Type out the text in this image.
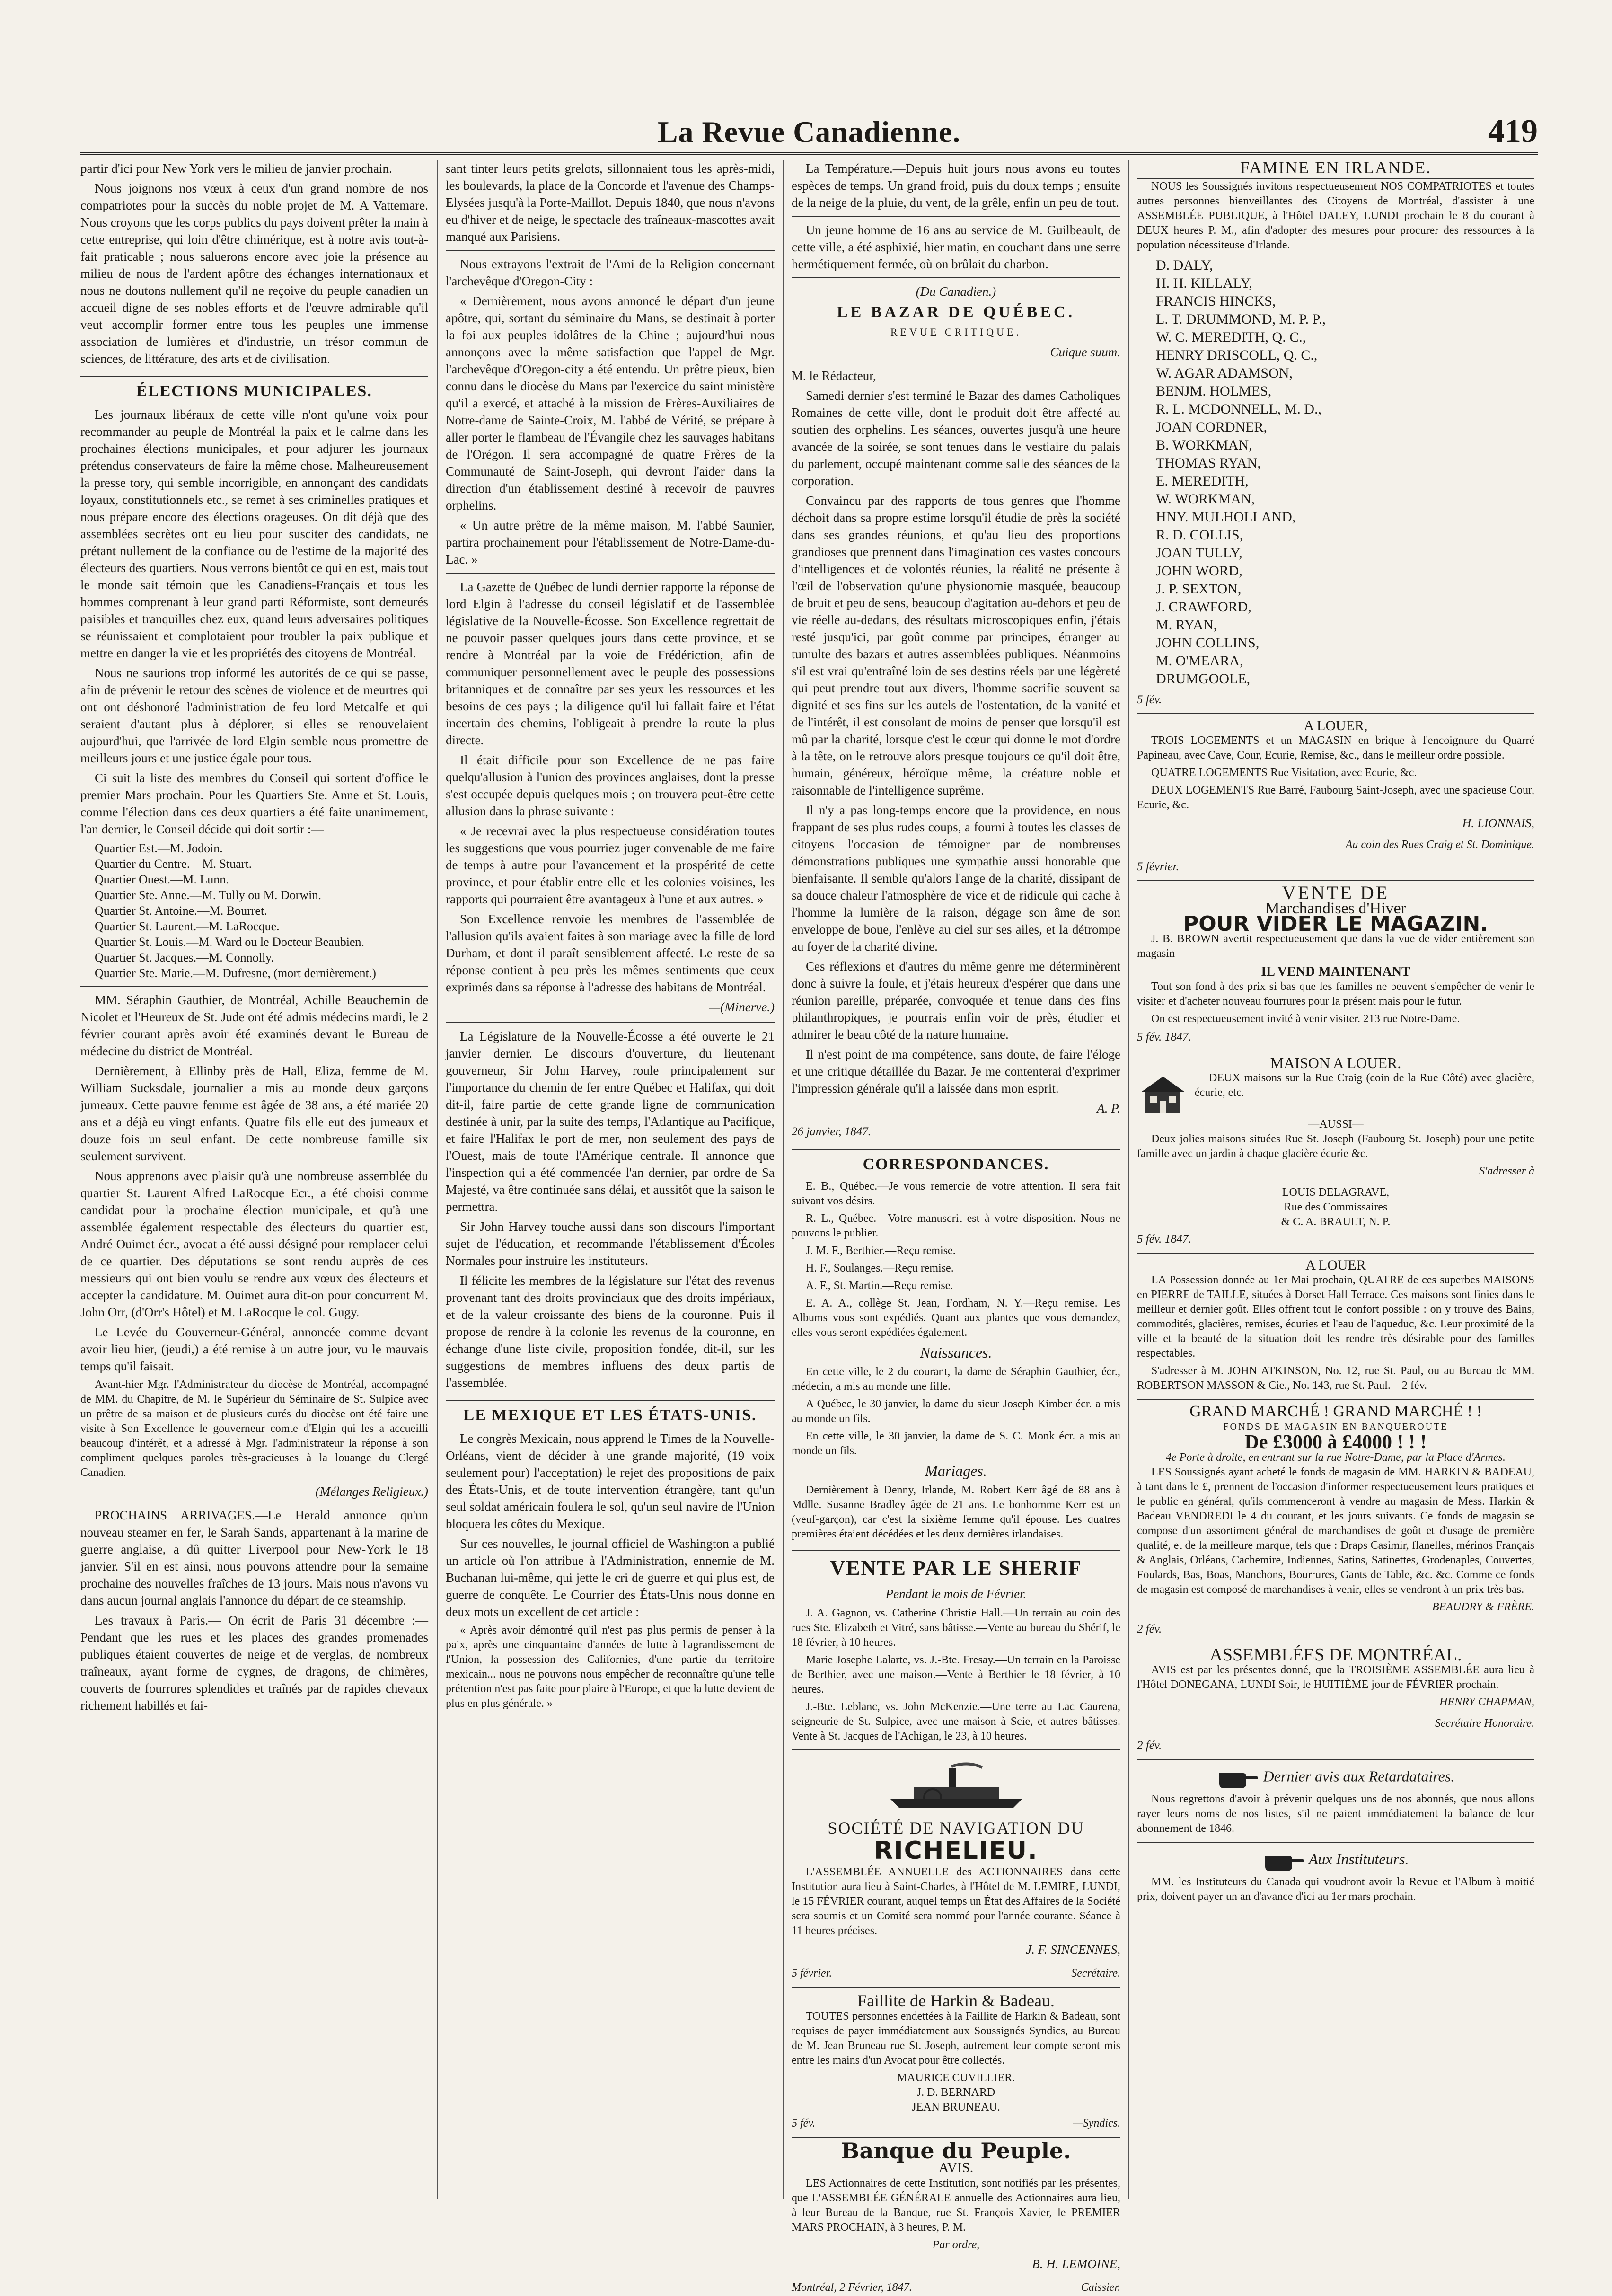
La Revue Canadienne.	419

partir d'ici pour New York vers le milieu de janvier prochain.

Nous joignons nos vœux à ceux d'un grand nombre de nos compatriotes pour la succès du noble projet de M. A Vattemare. Nous croyons que les corps publics du pays doivent prêter la main à cette entreprise, qui loin d'être chimérique, est à notre avis tout-à-fait praticable ; nous saluerons encore avec joie la présence au milieu de nous de l'ardent apôtre des échanges internationaux et nous ne doutons nullement qu'il ne reçoive du peuple canadien un accueil digne de ses nobles efforts et de l'œuvre admirable qu'il veut accomplir former entre tous les peuples une immense association de lumières et d'industrie, un trésor commun de sciences, de littérature, des arts et de civilisation.

ÉLECTIONS MUNICIPALES.

Les journaux libéraux de cette ville n'ont qu'une voix pour recommander au peuple de Montréal la paix et le calme dans les prochaines élections municipales, et pour adjurer les journaux prétendus conservateurs de faire la même chose. Malheureusement la presse tory, qui semble incorrigible, en annonçant des candidats loyaux, constitutionnels etc., se remet à ses criminelles pratiques et nous prépare encore des élections orageuses. On dit déjà que des assemblées secrètes ont eu lieu pour susciter des candidats, ne prétant nullement de la confiance ou de l'estime de la majorité des électeurs des quartiers. Nous verrons bientôt ce qui en est, mais tout le monde sait témoin que les Canadiens-Français et tous les hommes comprenant à leur grand parti Réformiste, sont demeurés paisibles et tranquilles chez eux, quand leurs adversaires politiques se réunissaient et complotaient pour troubler la paix publique et mettre en danger la vie et les propriétés des citoyens de Montréal.

Nous ne saurions trop informé les autorités de ce qui se passe, afin de prévenir le retour des scènes de violence et de meurtres qui ont ont déshonoré l'administration de feu lord Metcalfe et qui seraient d'autant plus à déplorer, si elles se renouvelaient aujourd'hui, que l'arrivée de lord Elgin semble nous promettre de meilleurs jours et une justice égale pour tous.

Ci suit la liste des membres du Conseil qui sortent d'office le premier Mars prochain. Pour les Quartiers Ste. Anne et St. Louis, comme l'élection dans ces deux quartiers a été faite unanimement, l'an dernier, le Conseil décide qui doit sortir :—

Quartier Est.—M. Jodoin.
Quartier du Centre.—M. Stuart.
Quartier Ouest.—M. Lunn.
Quartier Ste. Anne.—M. Tully ou M. Dorwin.
Quartier St. Antoine.—M. Bourret.
Quartier St. Laurent.—M. LaRocque.
Quartier St. Louis.—M. Ward ou le Docteur Beaubien.
Quartier St. Jacques.—M. Connolly.
Quartier Ste. Marie.—M. Dufresne, (mort dernièrement.)

MM. Séraphin Gauthier, de Montréal, Achille Beauchemin de Nicolet et l'Heureux de St. Jude ont été admis médecins mardi, le 2 février courant après avoir été examinés devant le Bureau de médecine du district de Montréal.

Dernièrement, à Ellinby près de Hall, Eliza, femme de M. William Sucksdale, journalier a mis au monde deux garçons jumeaux. Cette pauvre femme est âgée de 38 ans, a été mariée 20 ans et a déjà eu vingt enfants. Quatre fils elle eut des jumeaux et douze fois un seul enfant. De cette nombreuse famille six seulement survivent.

Nous apprenons avec plaisir qu'à une nombreuse assemblée du quartier St. Laurent Alfred LaRocque Ecr., a été choisi comme candidat pour la prochaine élection municipale, et qu'à une assemblée également respectable des électeurs du quartier est, André Ouimet écr., avocat a été aussi désigné pour remplacer celui de ce quartier. Des députations se sont rendu auprès de ces messieurs qui ont bien voulu se rendre aux vœux des électeurs et accepter la candidature. M. Ouimet aura dit-on pour concurrent M. John Orr, (d'Orr's Hôtel) et M. LaRocque le col. Gugy.

Le Levée du Gouverneur-Général, annoncée comme devant avoir lieu hier, (jeudi,) a été remise à un autre jour, vu le mauvais temps qu'il faisait.

Avant-hier Mgr. l'Administrateur du diocèse de Montréal, accompagné de MM. du Chapitre, de M. le Supérieur du Séminaire de St. Sulpice avec un prêtre de sa maison et de plusieurs curés du diocèse ont été faire une visite à Son Excellence le gouverneur comte d'Elgin qui les a accueilli beaucoup d'intérêt, et a adressé à Mgr. l'administrateur la réponse à son compliment quelques paroles très-gracieuses à la louange du Clergé Canadien.

(Mélanges Religieux.)

PROCHAINS ARRIVAGES.—Le Herald annonce qu'un nouveau steamer en fer, le Sarah Sands, appartenant à la marine de guerre anglaise, a dû quitter Liverpool pour New-York le 18 janvier. S'il en est ainsi, nous pouvons attendre pour la semaine prochaine des nouvelles fraîches de 13 jours. Mais nous n'avons vu dans aucun journal anglais l'annonce du départ de ce steamship.

Les travaux à Paris.— On écrit de Paris 31 décembre :— Pendant que les rues et les places des grandes promenades publiques étaient couvertes de neige et de verglas, de nombreux traîneaux, ayant forme de cygnes, de dragons, de chimères, couverts de fourrures splendides et traînés par de rapides chevaux richement habillés et fai-

sant tinter leurs petits grelots, sillonnaient tous les après-midi, les boulevards, la place de la Concorde et l'avenue des Champs-Elysées jusqu'à la Porte-Maillot. Depuis 1840, que nous n'avons eu d'hiver et de neige, le spectacle des traîneaux-mascottes avait manqué aux Parisiens.

Nous extrayons l'extrait de l'Ami de la Religion concernant l'archevêque d'Oregon-City :

« Dernièrement, nous avons annoncé le départ d'un jeune apôtre, qui, sortant du séminaire du Mans, se destinait à porter la foi aux peuples idolâtres de la Chine ; aujourd'hui nous annonçons avec la même satisfaction que l'appel de Mgr. l'archevêque d'Oregon-city a été entendu. Un prêtre pieux, bien connu dans le diocèse du Mans par l'exercice du saint ministère qu'il a exercé, et attaché à la mission de Frères-Auxiliaires de Notre-dame de Sainte-Croix, M. l'abbé de Vérité, se prépare à aller porter le flambeau de l'Évangile chez les sauvages habitans de l'Orégon. Il sera accompagné de quatre Frères de la Communauté de Saint-Joseph, qui devront l'aider dans la direction d'un établissement destiné à recevoir de pauvres orphelins.

« Un autre prêtre de la même maison, M. l'abbé Saunier, partira prochainement pour l'établissement de Notre-Dame-du-Lac. »

La Gazette de Québec de lundi dernier rapporte la réponse de lord Elgin à l'adresse du conseil législatif et de l'assemblée législative de la Nouvelle-Écosse. Son Excellence regrettait de ne pouvoir passer quelques jours dans cette province, et se rendre à Montréal par la voie de Frédériction, afin de communiquer personnellement avec le peuple des possessions britanniques et de connaître par ses yeux les ressources et les besoins de ces pays ; la diligence qu'il lui fallait faire et l'état incertain des chemins, l'obligeait à prendre la route la plus directe.

Il était difficile pour son Excellence de ne pas faire quelqu'allusion à l'union des provinces anglaises, dont la presse s'est occupée depuis quelques mois ; on trouvera peut-être cette allusion dans la phrase suivante :

« Je recevrai avec la plus respectueuse considération toutes les suggestions que vous pourriez juger convenable de me faire de temps à autre pour l'avancement et la prospérité de cette province, et pour établir entre elle et les colonies voisines, les rapports qui pourraient être avantageux à l'une et aux autres. »

Son Excellence renvoie les membres de l'assemblée de l'allusion qu'ils avaient faites à son mariage avec la fille de lord Durham, et dont il paraît sensiblement affecté. Le reste de sa réponse contient à peu près les mêmes sentiments que ceux exprimés dans sa réponse à l'adresse des habitans de Montréal.

—(Minerve.)

La Législature de la Nouvelle-Écosse a été ouverte le 21 janvier dernier. Le discours d'ouverture, du lieutenant gouverneur, Sir John Harvey, roule principalement sur l'importance du chemin de fer entre Québec et Halifax, qui doit dit-il, faire partie de cette grande ligne de communication destinée à unir, par la suite des temps, l'Atlantique au Pacifique, et faire l'Halifax le port de mer, non seulement des pays de l'Ouest, mais de toute l'Amérique centrale. Il annonce que l'inspection qui a été commencée l'an dernier, par ordre de Sa Majesté, va être continuée sans délai, et aussitôt que la saison le permettra.

Sir John Harvey touche aussi dans son discours l'important sujet de l'éducation, et recommande l'établissement d'Écoles Normales pour instruire les instituteurs.

Il félicite les membres de la législature sur l'état des revenus provenant tant des droits provinciaux que des droits impériaux, et de la valeur croissante des biens de la couronne. Puis il propose de rendre à la colonie les revenus de la couronne, en échange d'une liste civile, proposition fondée, dit-il, sur les suggestions de membres influens des deux partis de l'assemblée.

LE MEXIQUE ET LES ÉTATS-UNIS.

Le congrès Mexicain, nous apprend le Times de la Nouvelle-Orléans, vient de décider à une grande majorité, (19 voix seulement pour) l'acceptation) le rejet des propositions de paix des États-Unis, et de toute intervention étrangère, tant qu'un seul soldat américain foulera le sol, qu'un seul navire de l'Union bloquera les côtes du Mexique.

Sur ces nouvelles, le journal officiel de Washington a publié un article où l'on attribue à l'Administration, ennemie de M. Buchanan lui-même, qui jette le cri de guerre et qui plus est, de guerre de conquête. Le Courrier des États-Unis nous donne en deux mots un excellent de cet article :

« Après avoir démontré qu'il n'est pas plus permis de penser à la paix, après une cinquantaine d'années de lutte à l'agrandissement de l'Union, la possession des Californies, d'une partie du territoire mexicain... nous ne pouvons nous empêcher de reconnaître qu'une telle prétention n'est pas faite pour plaire à l'Europe, et que la lutte devient de plus en plus générale. »

La Température.—Depuis huit jours nous avons eu toutes espèces de temps. Un grand froid, puis du doux temps ; ensuite de la neige de la pluie, du vent, de la grêle, enfin un peu de tout.

Un jeune homme de 16 ans au service de M. Guilbeault, de cette ville, a été asphixié, hier matin, en couchant dans une serre hermétiquement fermée, où on brûlait du charbon.

(Du Canadien.)
LE BAZAR DE QUÉBEC.
REVUE CRITIQUE.
Cuique suum.

M. le Rédacteur,

Samedi dernier s'est terminé le Bazar des dames Catholiques Romaines de cette ville, dont le produit doit être affecté au soutien des orphelins. Les séances, ouvertes jusqu'à une heure avancée de la soirée, se sont tenues dans le vestiaire du palais du parlement, occupé maintenant comme salle des séances de la corporation.

Convaincu par des rapports de tous genres que l'homme déchoit dans sa propre estime lorsqu'il étudie de près la société dans ses grandes réunions, et qu'au lieu des proportions grandioses que prennent dans l'imagination ces vastes concours d'intelligences et de volontés réunies, la réalité ne présente à l'œil de l'observation qu'une physionomie masquée, beaucoup de bruit et peu de sens, beaucoup d'agitation au-dehors et peu de vie réelle au-dedans, des résultats microscopiques enfin, j'étais resté jusqu'ici, par goût comme par principes, étranger au tumulte des bazars et autres assemblées publiques. Néanmoins s'il est vrai qu'entraîné loin de ses destins réels par une légèreté qui peut prendre tout aux divers, l'homme sacrifie souvent sa dignité et ses fins sur les autels de l'ostentation, de la vanité et de l'intérêt, il est consolant de moins de penser que lorsqu'il est mû par la charité, lorsque c'est le cœur qui donne le mot d'ordre à la tête, on le retrouve alors presque toujours ce qu'il doit être, humain, généreux, héroïque même, la créature noble et raisonnable de l'intelligence suprême.

Il n'y a pas long-temps encore que la providence, en nous frappant de ses plus rudes coups, a fourni à toutes les classes de citoyens l'occasion de témoigner par de nombreuses démonstrations publiques une sympathie aussi honorable que bienfaisante. Il semble qu'alors l'ange de la charité, dissipant de sa douce chaleur l'atmosphère de vice et de ridicule qui cache à l'homme la lumière de la raison, dégage son âme de son enveloppe de boue, l'enlève au ciel sur ses ailes, et la détrompe au foyer de la charité divine.

Ces réflexions et d'autres du même genre me déterminèrent donc à suivre la foule, et j'étais heureux d'espérer que dans une réunion pareille, préparée, convoquée et tenue dans des fins philanthropiques, je pourrais enfin voir de près, étudier et admirer le beau côté de la nature humaine.

Il n'est point de ma compétence, sans doute, de faire l'éloge et une critique détaillée du Bazar. Je me contenterai d'exprimer l'impression générale qu'il a laissée dans mon esprit.

A. P.
26 janvier, 1847.
CORRESPONDANCES.

E. B., Québec.—Je vous remercie de votre attention. Il sera fait suivant vos désirs.

R. L., Québec.—Votre manuscrit est à votre disposition. Nous ne pouvons le publier.

J. M. F., Berthier.—Reçu remise.

H. F., Soulanges.—Reçu remise.

A. F., St. Martin.—Reçu remise.

E. A. A., collège St. Jean, Fordham, N. Y.—Reçu remise. Les Albums vous sont expédiés. Quant aux plantes que vous demandez, elles vous seront expédiées également.

Naissances.

En cette ville, le 2 du courant, la dame de Séraphin Gauthier, écr., médecin, a mis au monde une fille.

A Québec, le 30 janvier, la dame du sieur Joseph Kimber écr. a mis au monde un fils.

En cette ville, le 30 janvier, la dame de S. C. Monk écr. a mis au monde un fils.

Mariages.

Dernièrement à Denny, Irlande, M. Robert Kerr âgé de 88 ans à Mdlle. Susanne Bradley âgée de 21 ans. Le bonhomme Kerr est un (veuf-garçon), car c'est la sixième femme qu'il épouse. Les quatres premières étaient décédées et les deux dernières irlandaises.

VENTE PAR LE SHERIF
Pendant le mois de Février.

J. A. Gagnon, vs. Catherine Christie Hall.—Un terrain au coin des rues Ste. Elizabeth et Vitré, sans bâtisse.—Vente au bureau du Shérif, le 18 février, à 10 heures.

Marie Josephe Lalarte, vs. J.-Bte. Fresay.—Un terrain en la Paroisse de Berthier, avec une maison.—Vente à Berthier le 18 février, à 10 heures.

J.-Bte. Leblanc, vs. John McKenzie.—Une terre au Lac Caurena, seigneurie de St. Sulpice, avec une maison à Scie, et autres bâtisses. Vente à St. Jacques de l'Achigan, le 23, à 10 heures.

SOCIÉTÉ DE NAVIGATION DU
RICHELIEU.

L'ASSEMBLÉE ANNUELLE des ACTIONNAIRES dans cette Institution aura lieu à Saint-Charles, à l'Hôtel de M. LEMIRE, LUNDI, le 15 FÉVRIER courant, auquel temps un État des Affaires de la Société sera soumis et un Comité sera nommé pour l'année courante. Séance à 11 heures précises.

J. F. SINCENNES,
5 février.	Secrétaire.
Faillite de Harkin & Badeau.

TOUTES personnes endettées à la Faillite de Harkin & Badeau, sont requises de payer immédiatement aux Soussignés Syndics, au Bureau de M. Jean Bruneau rue St. Joseph, autrement leur compte seront mis entre les mains d'un Avocat pour être collectés.

MAURICE CUVILLIER.
J. D. BERNARD
JEAN BRUNEAU.
5 fév.	—Syndics.
Banque du Peuple.
AVIS.

LES Actionnaires de cette Institution, sont notifiés par les présentes, que L'ASSEMBLÉE GÉNÉRALE annuelle des Actionnaires aura lieu, à leur Bureau de la Banque, rue St. François Xavier, le PREMIER MARS PROCHAIN, à 3 heures, P. M.

Par ordre,
B. H. LEMOINE,
Montréal, 2 Février, 1847.	Caissier.
FAMINE EN IRLANDE.

NOUS les Soussignés invitons respectueusement NOS COMPATRIOTES et toutes autres personnes bienveillantes des Citoyens de Montréal, d'assister à une ASSEMBLÉE PUBLIQUE, à l'Hôtel DALEY, LUNDI prochain le 8 du courant à DEUX heures P. M., afin d'adopter des mesures pour procurer des ressources à la population nécessiteuse d'Irlande.

D. DALY,
H. H. KILLALY,
FRANCIS HINCKS,
L. T. DRUMMOND, M. P. P.,
W. C. MEREDITH, Q. C.,
HENRY DRISCOLL, Q. C.,
W. AGAR ADAMSON,
BENJM. HOLMES,
R. L. MCDONNELL, M. D.,
JOAN CORDNER,
B. WORKMAN,
THOMAS RYAN,
E. MEREDITH,
W. WORKMAN,
HNY. MULHOLLAND,
R. D. COLLIS,
JOAN TULLY,
JOHN WORD,
J. P. SEXTON,
J. CRAWFORD,
M. RYAN,
JOHN COLLINS,
M. O'MEARA,
DRUMGOOLE,
5 fév.
A LOUER,

TROIS LOGEMENTS et un MAGASIN en brique à l'encoignure du Quarré Papineau, avec Cave, Cour, Ecurie, Remise, &c., dans le meilleur ordre possible.

QUATRE LOGEMENTS Rue Visitation, avec Ecurie, &c.

DEUX LOGEMENTS Rue Barré, Faubourg Saint-Joseph, avec une spacieuse Cour, Ecurie, &c.

H. LIONNAIS,
Au coin des Rues Craig et St. Dominique.
5 février.
VENTE DE
Marchandises d'Hiver
POUR VIDER LE MAGAZIN.

J. B. BROWN avertit respectueusement que dans la vue de vider entièrement son magasin

IL VEND MAINTENANT

Tout son fond à des prix si bas que les familles ne peuvent s'empêcher de venir le visiter et d'acheter nouveau fourrures pour la présent mais pour le futur.

On est respectueusement invité à venir visiter. 213 rue Notre-Dame.

5 fév. 1847.
MAISON A LOUER.

DEUX maisons sur la Rue Craig (coin de la Rue Côté) avec glacière, écurie, etc.

—AUSSI—

Deux jolies maisons situées Rue St. Joseph (Faubourg St. Joseph) pour une petite famille avec un jardin à chaque glacière écurie &c.

S'adresser à
LOUIS DELAGRAVE,
Rue des Commissaires
& C. A. BRAULT, N. P.
5 fév. 1847.
A LOUER

LA Possession donnée au 1er Mai prochain, QUATRE de ces superbes MAISONS en PIERRE de TAILLE, situées à Dorset Hall Terrace. Ces maisons sont finies dans le meilleur et dernier goût. Elles offrent tout le confort possible : on y trouve des Bains, commodités, glacières, remises, écuries et l'eau de l'aqueduc, &c. Leur proximité de la ville et la beauté de la situation doit les rendre très désirable pour des familles respectables.

S'adresser à M. JOHN ATKINSON, No. 12, rue St. Paul, ou au Bureau de MM. ROBERTSON MASSON & Cie., No. 143, rue St. Paul.—2 fév.

GRAND MARCHÉ ! GRAND MARCHÉ ! !
FONDS DE MAGASIN EN BANQUEROUTE
De £3000 à £4000 ! ! !
4e Porte à droite, en entrant sur la rue Notre-Dame, par la Place d'Armes.

LES Soussignés ayant acheté le fonds de magasin de MM. HARKIN & BADEAU, à tant dans le £, prennent de l'occasion d'informer respectueusement leurs pratiques et le public en général, qu'ils commenceront à vendre au magasin de Mess. Harkin & Badeau VENDREDI le 4 du courant, et les jours suivants. Ce fonds de magasin se compose d'un assortiment général de marchandises de goût et d'usage de première qualité, et de la meilleure marque, tels que : Draps Casimir, flanelles, mérinos Français & Anglais, Orléans, Cachemire, Indiennes, Satins, Satinettes, Grodenaples, Couvertes, Foulards, Bas, Boas, Manchons, Bourrures, Gants de Table, &c. &c. Comme ce fonds de magasin est composé de marchandises à venir, elles se vendront à un prix très bas.

BEAUDRY & FRÈRE.
2 fév.
ASSEMBLÉES DE MONTRÉAL.

AVIS est par les présentes donné, que la TROISIÈME ASSEMBLÉE aura lieu à l'Hôtel DONEGANA, LUNDI Soir, le HUITIÈME jour de FÉVRIER prochain.

HENRY CHAPMAN,
Secrétaire Honoraire.
2 fév.
Dernier avis aux Retardataires.

Nous regrettons d'avoir à prévenir quelques uns de nos abonnés, que nous allons rayer leurs noms de nos listes, s'il ne paient immédiatement la balance de leur abonnement de 1846.

Aux Instituteurs.

MM. les Instituteurs du Canada qui voudront avoir la Revue et l'Album à moitié prix, doivent payer un an d'avance d'ici au 1er mars prochain.
